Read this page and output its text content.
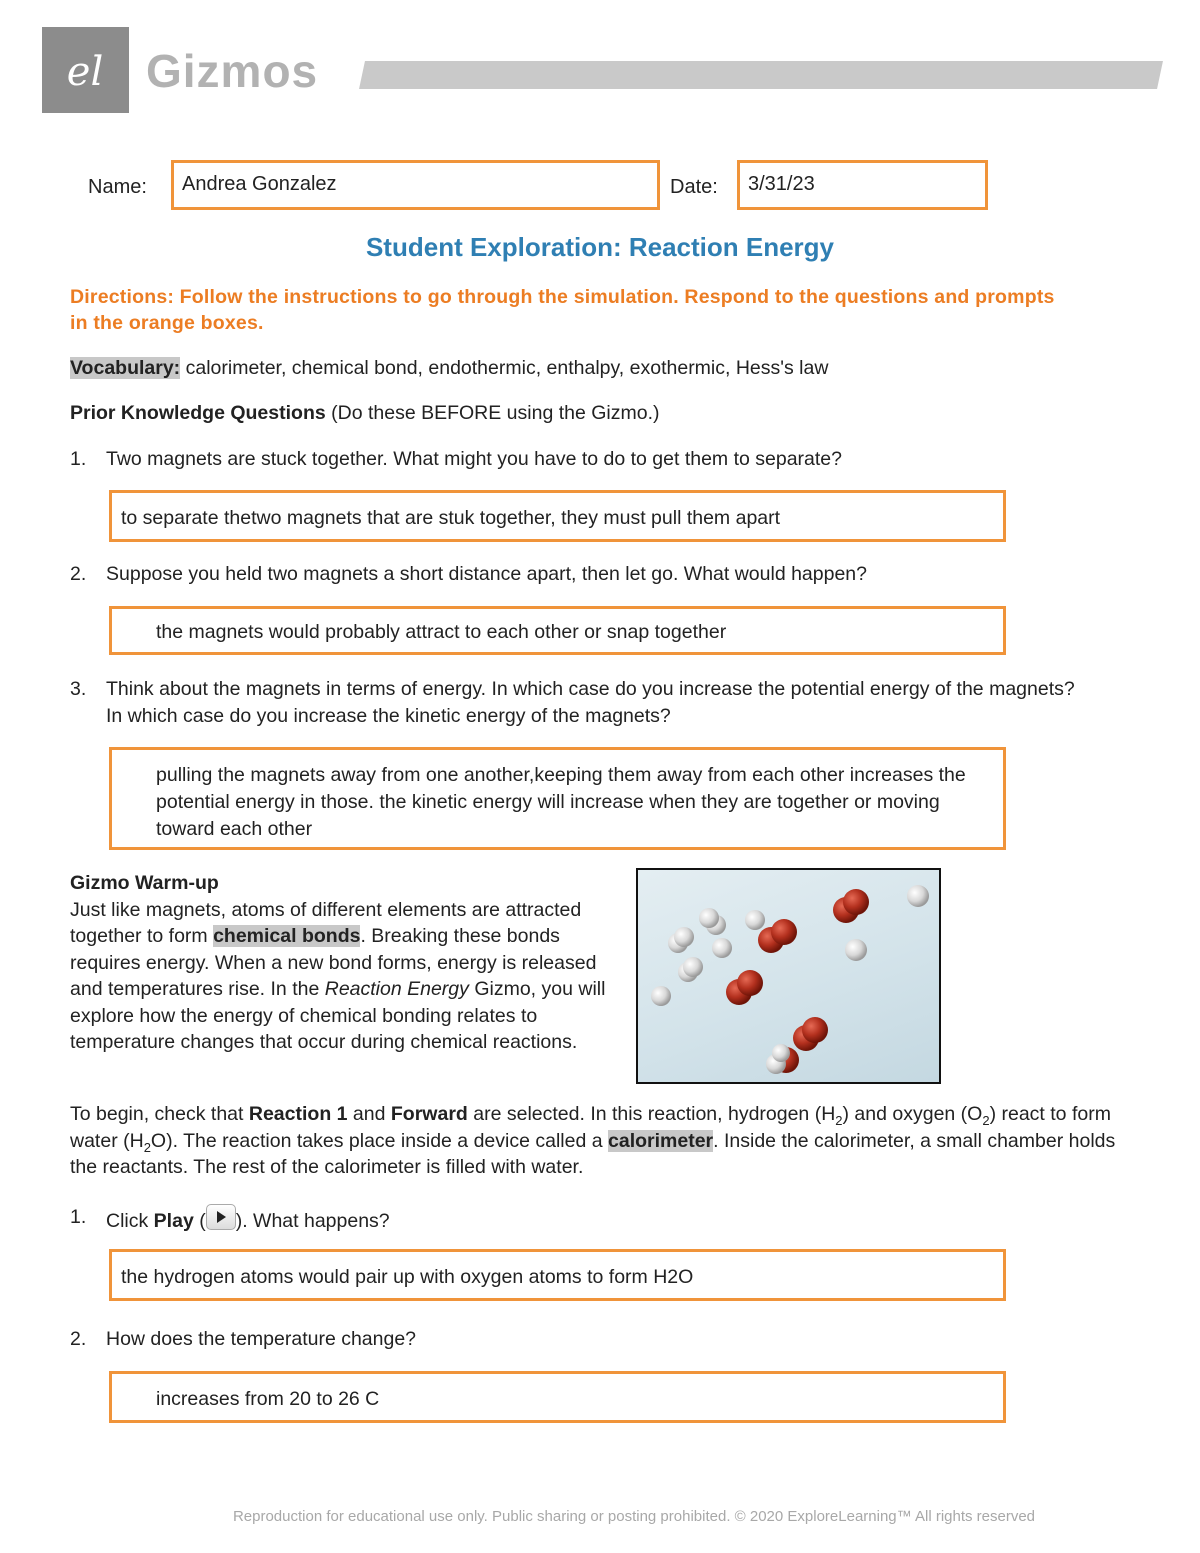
el Gizmos
Name:	Andrea Gonzalez	Date:	3/31/23
Student Exploration: Reaction Energy
Directions: Follow the instructions to go through the simulation. Respond to the questions and prompts in the orange boxes.
Vocabulary: calorimeter, chemical bond, endothermic, enthalpy, exothermic, Hess's law
Prior Knowledge Questions (Do these BEFORE using the Gizmo.)
1. Two magnets are stuck together. What might you have to do to get them to separate?
to separate thetwo magnets that are stuk together, they must pull them apart
2. Suppose you held two magnets a short distance apart, then let go. What would happen?
the magnets would probably attract to each other or snap together
3. Think about the magnets in terms of energy. In which case do you increase the potential energy of the magnets? In which case do you increase the kinetic energy of the magnets?
pulling the magnets away from one another,keeping them away from each other increases the potential energy in those. the kinetic energy will increase when they are together or moving toward each other
Gizmo Warm-up
Just like magnets, atoms of different elements are attracted together to form chemical bonds. Breaking these bonds requires energy. When a new bond forms, energy is released and temperatures rise. In the Reaction Energy Gizmo, you will explore how the energy of chemical bonding relates to temperature changes that occur during chemical reactions.
To begin, check that Reaction 1 and Forward are selected. In this reaction, hydrogen $(H_2)$ and oxygen $(O_2)$ react to form water $(H_2O)$. The reaction takes place inside a device called a calorimeter. Inside the calorimeter, a small chamber holds the reactants. The rest of the calorimeter is filled with water.
1. Click Play ( ). What happens?
the hydrogen atoms would pair up with oxygen atoms to form H2O
2. How does the temperature change?
increases from 20 to 26 C
Reproduction for educational use only. Public sharing or posting prohibited. © 2020 ExploreLearning™ All rights reserved
